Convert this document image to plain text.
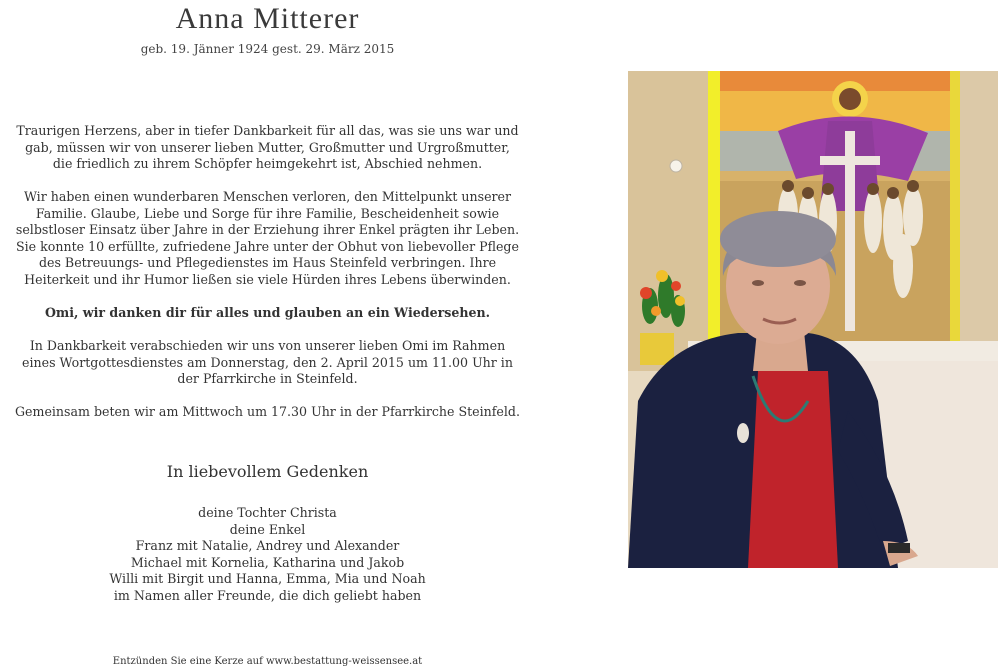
Anna Mitterer
geb. 19. Jänner 1924 gest. 29. März 2015

Traurigen Herzens, aber in tiefer Dankbarkeit für all das, was sie uns war und gab, müssen wir von unserer lieben Mutter, Großmutter und Urgroßmutter, die friedlich zu ihrem Schöpfer heimgekehrt ist, Abschied nehmen.

Wir haben einen wunderbaren Menschen verloren, den Mittelpunkt unserer Familie. Glaube, Liebe und Sorge für ihre Familie, Bescheidenheit sowie selbstloser Einsatz über Jahre in der Erziehung ihrer Enkel prägten ihr Leben. Sie konnte 10 erfüllte, zufriedene Jahre unter der Obhut von liebevoller Pflege des Betreuungs- und Pflegedienstes im Haus Steinfeld verbringen. Ihre Heiterkeit und ihr Humor ließen sie viele Hürden ihres Lebens überwinden.

Omi, wir danken dir für alles und glauben an ein Wiedersehen.

In Dankbarkeit verabschieden wir uns von unserer lieben Omi im Rahmen eines Wortgottesdienstes am Donnerstag, den 2. April 2015 um 11.00 Uhr in der Pfarrkirche in Steinfeld.

Gemeinsam beten wir am Mittwoch um 17.30 Uhr in der Pfarrkirche Steinfeld.

In liebevollem Gedenken
deine Tochter Christa
deine Enkel
Franz mit Natalie, Andrey und Alexander
Michael mit Kornelia, Katharina und Jakob
Willi mit Birgit und Hanna, Emma, Mia und Noah
im Namen aller Freunde, die dich geliebt haben
Entzünden Sie eine Kerze auf www.bestattung-weissensee.at
